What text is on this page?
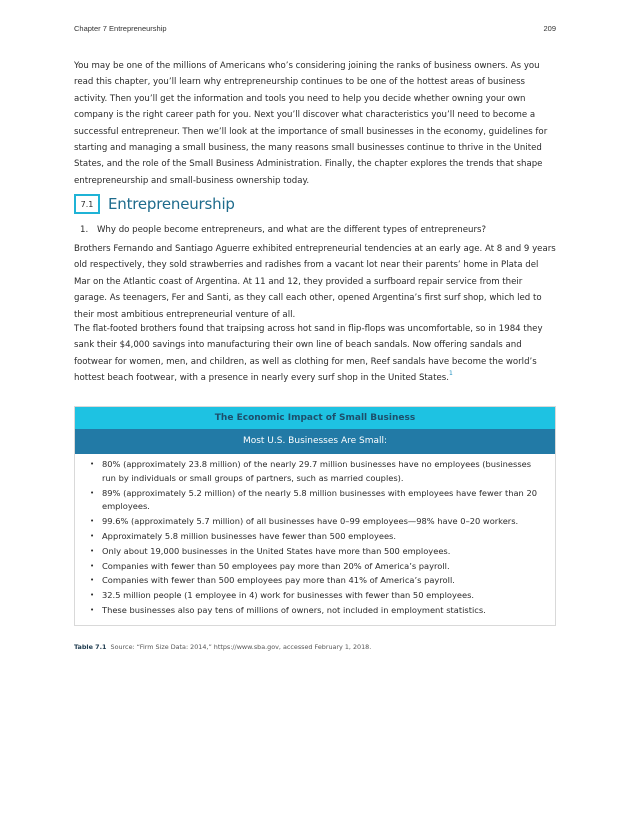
Chapter 7 Entrepreneurship	209

You may be one of the millions of Americans who’s considering joining the ranks of business owners. As you read this chapter, you’ll learn why entrepreneurship continues to be one of the hottest areas of business activity. Then you’ll get the information and tools you need to help you decide whether owning your own company is the right career path for you. Next you’ll discover what characteristics you’ll need to become a successful entrepreneur. Then we’ll look at the importance of small businesses in the economy, guidelines for starting and managing a small business, the many reasons small businesses continue to thrive in the United States, and the role of the Small Business Administration. Finally, the chapter explores the trends that shape entrepreneurship and small-business ownership today.

7.1 Entrepreneurship
1. Why do people become entrepreneurs, and what are the different types of entrepreneurs?

Brothers Fernando and Santiago Aguerre exhibited entrepreneurial tendencies at an early age. At 8 and 9 years old respectively, they sold strawberries and radishes from a vacant lot near their parents’ home in Plata del Mar on the Atlantic coast of Argentina. At 11 and 12, they provided a surfboard repair service from their garage. As teenagers, Fer and Santi, as they call each other, opened Argentina’s first surf shop, which led to their most ambitious entrepreneurial venture of all.

The flat-footed brothers found that traipsing across hot sand in flip-flops was uncomfortable, so in 1984 they sank their $4,000 savings into manufacturing their own line of beach sandals. Now offering sandals and footwear for women, men, and children, as well as clothing for men, Reef sandals have become the world’s hottest beach footwear, with a presence in nearly every surf shop in the United States.$^1$

The Economic Impact of Small Business
Most U.S. Businesses Are Small:
• 80% (approximately 23.8 million) of the nearly 29.7 million businesses have no employees (businesses run by individuals or small groups of partners, such as married couples).
• 89% (approximately 5.2 million) of the nearly 5.8 million businesses with employees have fewer than 20 employees.
• 99.6% (approximately 5.7 million) of all businesses have 0–99 employees—98% have 0–20 workers.
• Approximately 5.8 million businesses have fewer than 500 employees.
• Only about 19,000 businesses in the United States have more than 500 employees.
• Companies with fewer than 50 employees pay more than 20% of America’s payroll.
• Companies with fewer than 500 employees pay more than 41% of America’s payroll.
• 32.5 million people (1 employee in 4) work for businesses with fewer than 50 employees.
• These businesses also pay tens of millions of owners, not included in employment statistics.
Table 7.1 Source: “Firm Size Data: 2014,” https://www.sba.gov, accessed February 1, 2018.
